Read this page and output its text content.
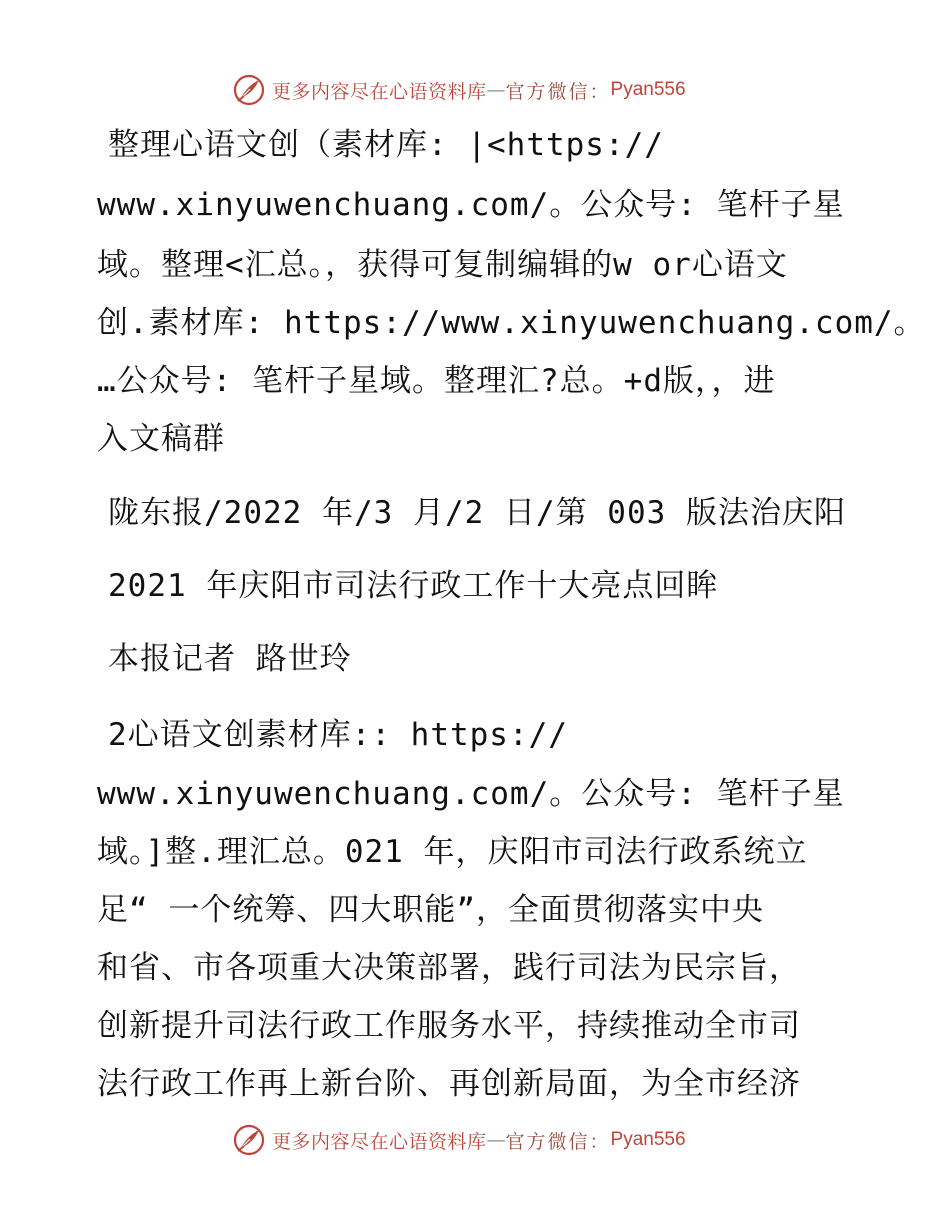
更多内容尽在心语资料库 — 官方微信： Pyan556
整理心语文创（素材库: |<https://
www.xinyuwenchuang.com/。公众号: 笔杆子星
域。整理<汇总。，获得可复制编辑的w or心语文
创.素材库: https://www.xinyuwenchuang.com/。
…公众号: 笔杆子星域。整理汇?总。+d版，，进
入文稿群
陇东报/2022 年/3 月/2 日/第 003 版法治庆阳
2021 年庆阳市司法行政工作十大亮点回眸
本报记者 路世玲
2心语文创素材库:: https://
www.xinyuwenchuang.com/。公众号: 笔杆子星
域。]整.理汇总。021 年，庆阳市司法行政系统立
足“ 一个统筹、四大职能”，全面贯彻落实中央
和省、市各项重大决策部署，践行司法为民宗旨，
创新提升司法行政工作服务水平，持续推动全市司
法行政工作再上新台阶、再创新局面，为全市经济
更多内容尽在心语资料库 — 官方微信： Pyan556
